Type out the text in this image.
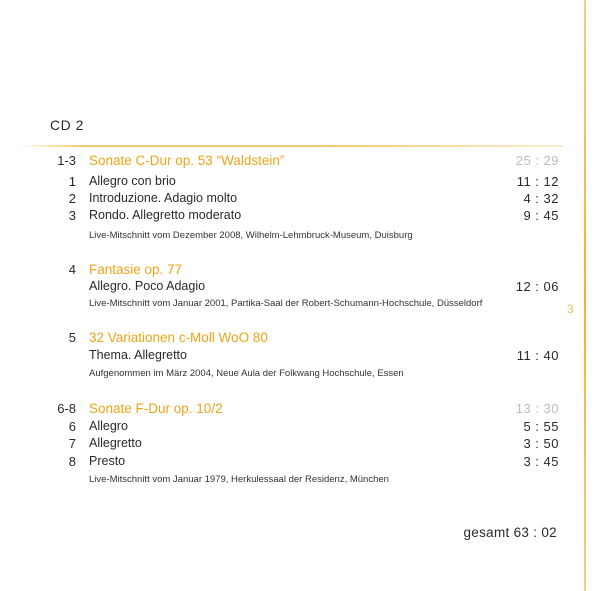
3
CD 2
1-3 Sonate C-Dur op. 53 “Waldstein”	25 : 29
1 Allegro con brio	11 : 12
2 Introduzione. Adagio molto	4 : 32
3 Rondo. Allegretto moderato	9 : 45
Live-Mitschnitt vom Dezember 2008, Wilhelm-Lehmbruck-Museum, Duisburg
4 Fantasie op. 77
Allegro. Poco Adagio	12 : 06
Live-Mitschnitt vom Januar 2001, Partika-Saal der Robert-Schumann-Hochschule, Düsseldorf
5 32 Variationen c-Moll WoO 80
Thema. Allegretto	11 : 40
Aufgenommen im März 2004, Neue Aula der Folkwang Hochschule, Essen
6-8 Sonate F-Dur op. 10/2	13 : 30
6 Allegro	5 : 55
7 Allegretto	3 : 50
8 Presto	3 : 45
Live-Mitschnitt vom Januar 1979, Herkulessaal der Residenz, München
gesamt 63 : 02
